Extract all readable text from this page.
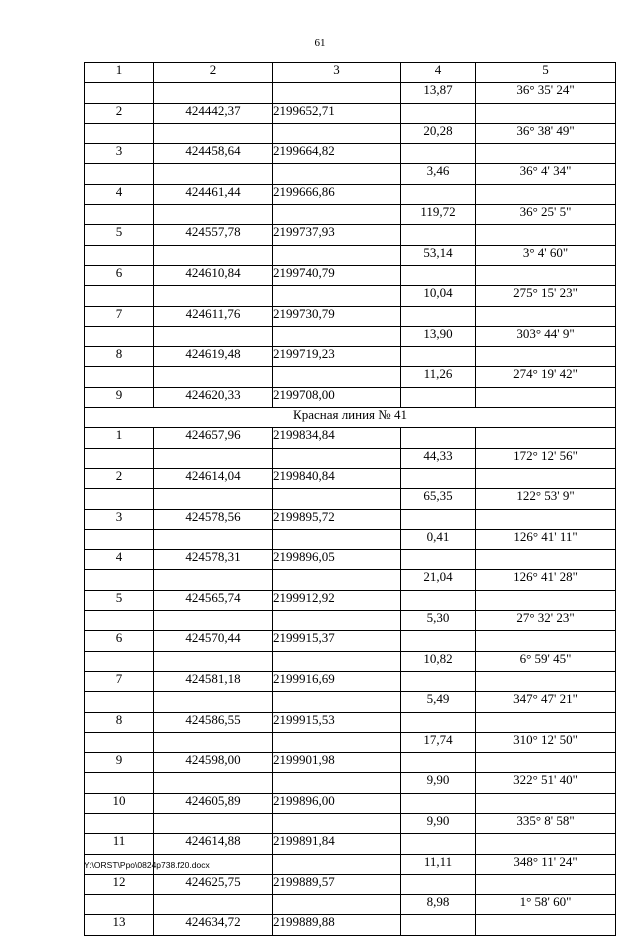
61
1	2	3	4	5
			13,87	36° 35' 24"
2	424442,37	2199652,71		
			20,28	36° 38' 49"
3	424458,64	2199664,82		
			3,46	36° 4' 34"
4	424461,44	2199666,86		
			119,72	36° 25' 5"
5	424557,78	2199737,93		
			53,14	3° 4' 60"
6	424610,84	2199740,79		
			10,04	275° 15' 23"
7	424611,76	2199730,79		
			13,90	303° 44' 9"
8	424619,48	2199719,23		
			11,26	274° 19' 42"
9	424620,33	2199708,00		
Красная линия № 41				
1	424657,96	2199834,84		
			44,33	172° 12' 56"
2	424614,04	2199840,84		
			65,35	122° 53' 9"
3	424578,56	2199895,72		
			0,41	126° 41' 11"
4	424578,31	2199896,05		
			21,04	126° 41' 28"
5	424565,74	2199912,92		
			5,30	27° 32' 23"
6	424570,44	2199915,37		
			10,82	6° 59' 45"
7	424581,18	2199916,69		
			5,49	347° 47' 21"
8	424586,55	2199915,53		
			17,74	310° 12' 50"
9	424598,00	2199901,98		
			9,90	322° 51' 40"
10	424605,89	2199896,00		
			9,90	335° 8' 58"
11	424614,88	2199891,84		
			11,11	348° 11' 24"
12	424625,75	2199889,57		
			8,98	1° 58' 60"
13	424634,72	2199889,88		
Y:\ORST\Ppo\0824p738.f20.docx
